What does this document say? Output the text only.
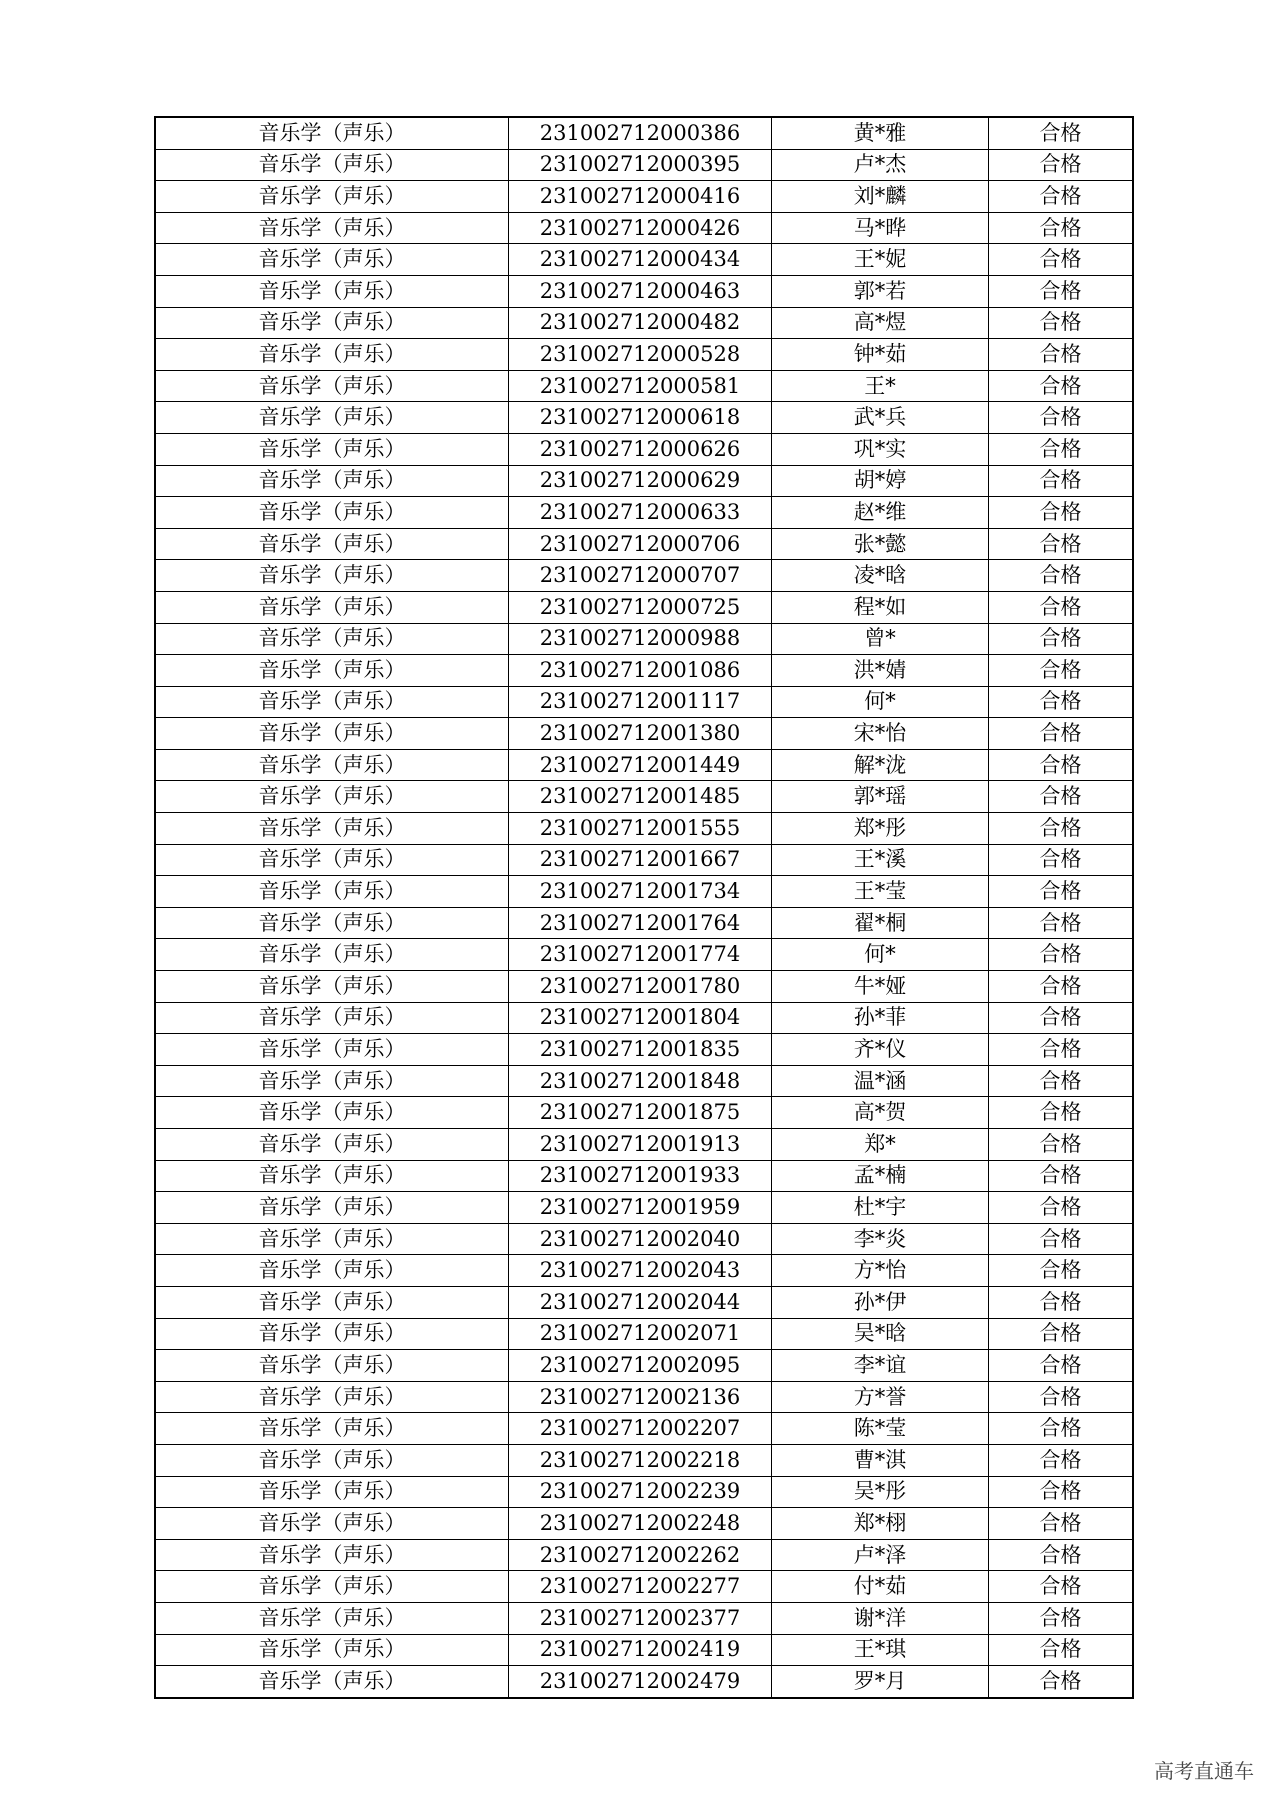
音乐学（声乐）	231002712000386	黄*雅	合格
音乐学（声乐）	231002712000395	卢*杰	合格
音乐学（声乐）	231002712000416	刘*麟	合格
音乐学（声乐）	231002712000426	马*晔	合格
音乐学（声乐）	231002712000434	王*妮	合格
音乐学（声乐）	231002712000463	郭*若	合格
音乐学（声乐）	231002712000482	高*煜	合格
音乐学（声乐）	231002712000528	钟*茹	合格
音乐学（声乐）	231002712000581	王*	合格
音乐学（声乐）	231002712000618	武*兵	合格
音乐学（声乐）	231002712000626	巩*实	合格
音乐学（声乐）	231002712000629	胡*婷	合格
音乐学（声乐）	231002712000633	赵*维	合格
音乐学（声乐）	231002712000706	张*懿	合格
音乐学（声乐）	231002712000707	凌*晗	合格
音乐学（声乐）	231002712000725	程*如	合格
音乐学（声乐）	231002712000988	曾*	合格
音乐学（声乐）	231002712001086	洪*婧	合格
音乐学（声乐）	231002712001117	何*	合格
音乐学（声乐）	231002712001380	宋*怡	合格
音乐学（声乐）	231002712001449	解*泷	合格
音乐学（声乐）	231002712001485	郭*瑶	合格
音乐学（声乐）	231002712001555	郑*彤	合格
音乐学（声乐）	231002712001667	王*溪	合格
音乐学（声乐）	231002712001734	王*莹	合格
音乐学（声乐）	231002712001764	翟*桐	合格
音乐学（声乐）	231002712001774	何*	合格
音乐学（声乐）	231002712001780	牛*娅	合格
音乐学（声乐）	231002712001804	孙*菲	合格
音乐学（声乐）	231002712001835	齐*仪	合格
音乐学（声乐）	231002712001848	温*涵	合格
音乐学（声乐）	231002712001875	高*贺	合格
音乐学（声乐）	231002712001913	郑*	合格
音乐学（声乐）	231002712001933	孟*楠	合格
音乐学（声乐）	231002712001959	杜*宇	合格
音乐学（声乐）	231002712002040	李*炎	合格
音乐学（声乐）	231002712002043	方*怡	合格
音乐学（声乐）	231002712002044	孙*伊	合格
音乐学（声乐）	231002712002071	吴*晗	合格
音乐学（声乐）	231002712002095	李*谊	合格
音乐学（声乐）	231002712002136	方*誉	合格
音乐学（声乐）	231002712002207	陈*莹	合格
音乐学（声乐）	231002712002218	曹*淇	合格
音乐学（声乐）	231002712002239	吴*彤	合格
音乐学（声乐）	231002712002248	郑*栩	合格
音乐学（声乐）	231002712002262	卢*泽	合格
音乐学（声乐）	231002712002277	付*茹	合格
音乐学（声乐）	231002712002377	谢*洋	合格
音乐学（声乐）	231002712002419	王*琪	合格
音乐学（声乐）	231002712002479	罗*月	合格
高考直通车
